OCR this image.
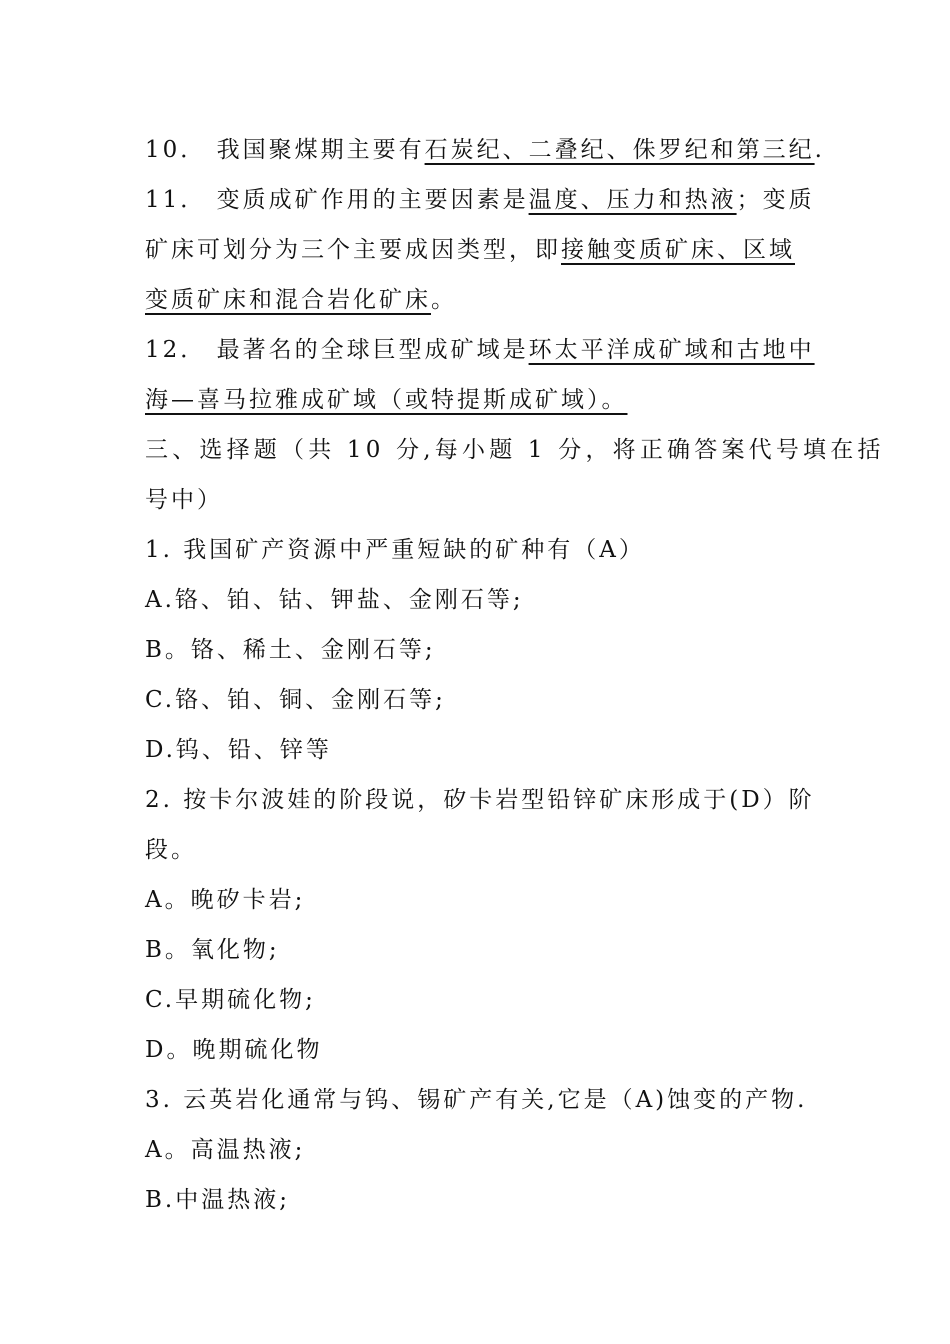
10． 我国聚煤期主要有石炭纪、二叠纪、侏罗纪和第三纪.
11． 变质成矿作用的主要因素是温度、压力和热液；变质
矿床可划分为三个主要成因类型，即接触变质矿床、区域
变质矿床和混合岩化矿床。
12． 最著名的全球巨型成矿域是环太平洋成矿域和古地中
海—喜马拉雅成矿域（或特提斯成矿域）。
三、选择题（共 10 分,每小题 1 分，将正确答案代号填在括
号中）
1. 我国矿产资源中严重短缺的矿种有（A）
A.铬、铂、钴、钾盐、金刚石等;
B。铬、稀土、金刚石等;
C.铬、铂、铜、金刚石等;
D.钨、铅、锌等
2. 按卡尔波娃的阶段说，矽卡岩型铅锌矿床形成于(D）阶
段。
A。晚矽卡岩;
B。氧化物;
C.早期硫化物;
D。晚期硫化物
3. 云英岩化通常与钨、锡矿产有关,它是（A)蚀变的产物.
A。高温热液;
B.中温热液;
